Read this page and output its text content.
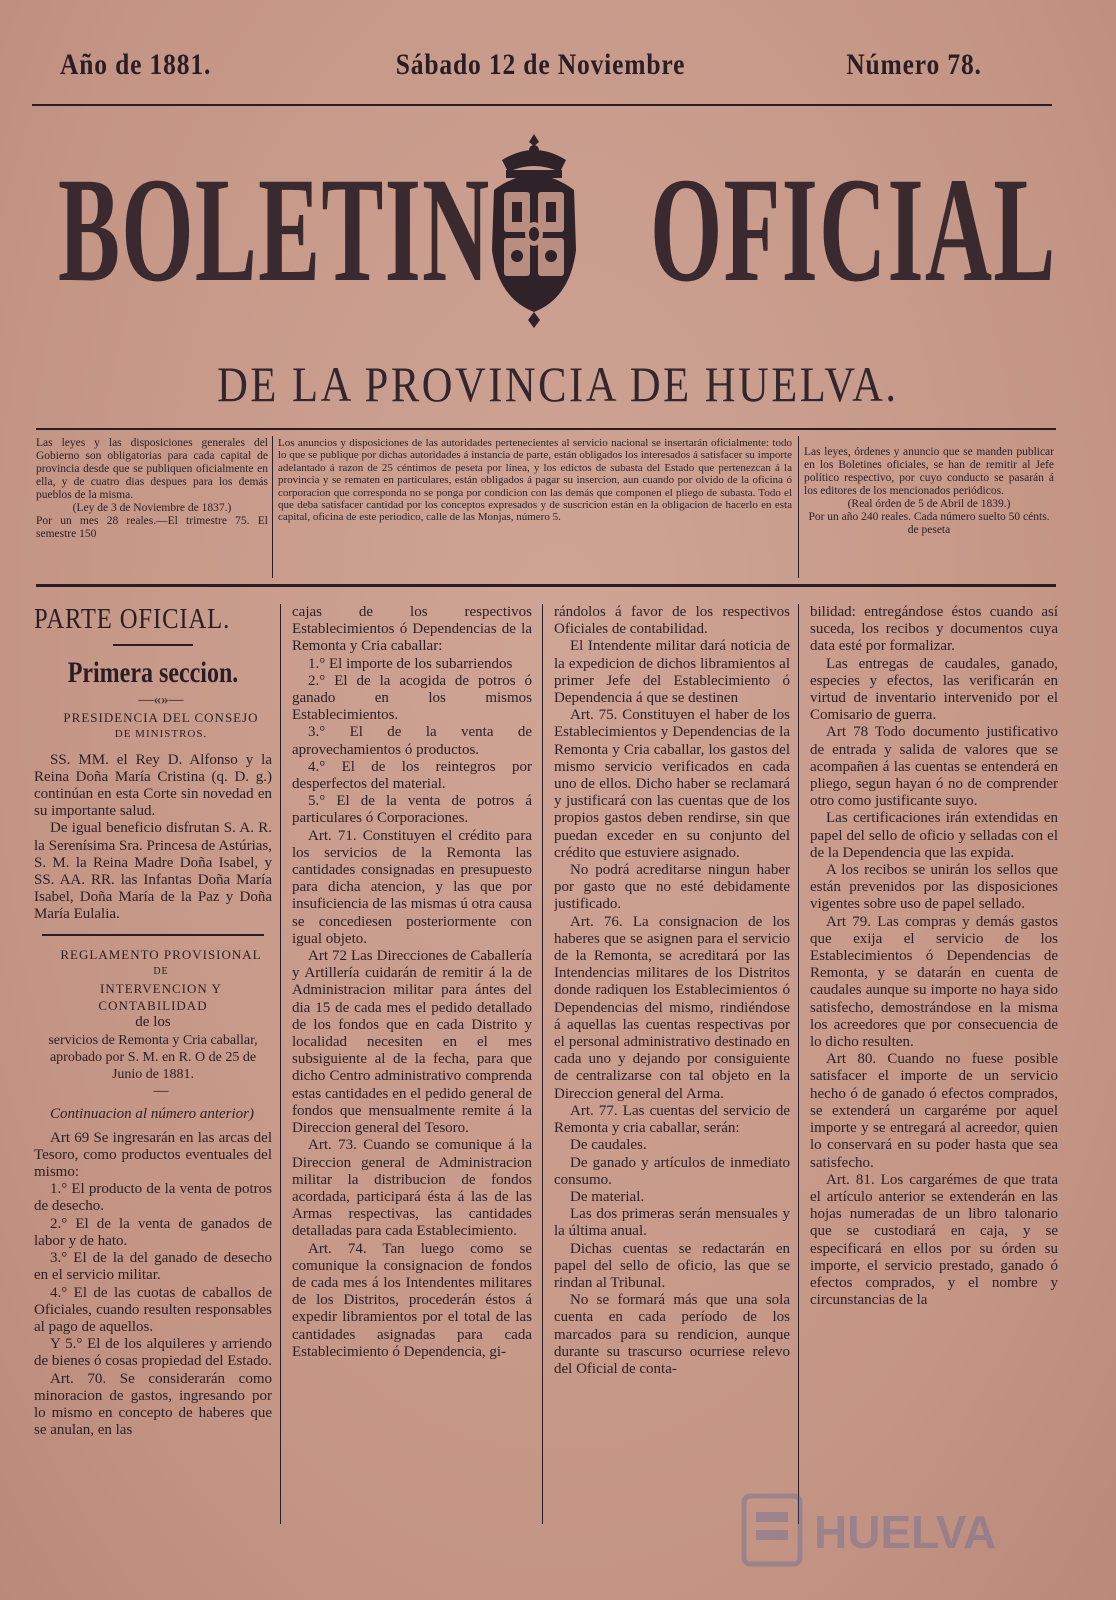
Año de 1881.	Sábado 12 de Noviembre	Número 78.
BOLETIN OFICIAL
DE LA PROVINCIA DE HUELVA.

Las leyes y las disposiciones generales del Gobierno son obligatorias para cada capital de provincia desde que se publiquen oficialmente en ella, y de cuatro dias despues para los demás pueblos de la misma.

(Ley de 3 de Noviembre de 1837.)

Por un mes 28 reales.—El trimestre 75. El semestre 150

Los anuncios y disposiciones de las autoridades pertenecientes al servicio nacional se insertarán oficialmente: todo lo que se publique por dichas autoridades á instancia de parte, están obligados los interesados á satisfacer su importe adelantado á razon de 25 céntimos de peseta por línea, y los edictos de subasta del Estado que pertenezcan á la provincia y se rematen en particulares, están obligados á pagar su insercion, aun cuando por olvido de la oficina ó corporacion que corresponda no se ponga por condicion con las demás que componen el pliego de subasta. Todo el que deba satisfacer cantidad por los conceptos expresados y de suscricion están en la obligacion de hacerlo en esta capital, oficina de este periodico, calle de las Monjas, número 5.

Las leyes, órdenes y anuncio que se manden publicar en los Boletines oficiales, se han de remitir al Jefe político respectivo, por cuyo conducto se pasarán á los editores de los mencionados periódicos.

(Real órden de 5 de Abril de 1839.)

Por un año 240 reales. Cada número suelto 50 cénts. de peseta

PARTE OFICIAL.
Primera seccion.

—«»—

PRESIDENCIA DEL CONSEJO

DE MINISTROS.

SS. MM. el Rey D. Alfonso y la Reina Doña María Cristina (q. D. g.) continúan en esta Corte sin novedad en su importante salud.

De igual beneficio disfrutan S. A. R. la Serenísima Sra. Princesa de Astúrias, S. M. la Reina Madre Doña Isabel, y SS. AA. RR. las Infantas Doña María Isabel, Doña María de la Paz y Doña María Eulalia.

REGLAMENTO PROVISIONAL

DE

INTERVENCION Y CONTABILIDAD

de los

servicios de Remonta y Cria caballar, aprobado por S. M. en R. O de 25 de Junio de 1881.

—

Continuacion al número anterior)

Art 69 Se ingresarán en las arcas del Tesoro, como productos eventuales del mismo:

1.° El producto de la venta de potros de desecho.

2.° El de la venta de ganados de labor y de hato.

3.° El de la del ganado de desecho en el servicio militar.

4.° El de las cuotas de caballos de Oficiales, cuando resulten responsables al pago de aquellos.

Y 5.° El de los alquileres y arriendo de bienes ó cosas propiedad del Estado.

Art. 70. Se considerarán como minoracion de gastos, ingresando por lo mismo en concepto de haberes que se anulan, en las

cajas de los respectivos Establecimientos ó Dependencias de la Remonta y Cria caballar:

1.° El importe de los subarriendos

2.° El de la acogida de potros ó ganado en los mismos Establecimientos.

3.° El de la venta de aprovechamientos ó productos.

4.° El de los reintegros por desperfectos del material.

5.° El de la venta de potros á particulares ó Corporaciones.

Art. 71. Constituyen el crédito para los servicios de la Remonta las cantidades consignadas en presupuesto para dicha atencion, y las que por insuficiencia de las mismas ú otra causa se concediesen posteriormente con igual objeto.

Art 72 Las Direcciones de Caballería y Artillería cuidarán de remitir á la de Administracion militar para ántes del dia 15 de cada mes el pedido detallado de los fondos que en cada Distrito y localidad necesiten en el mes subsiguiente al de la fecha, para que dicho Centro administrativo comprenda estas cantidades en el pedido general de fondos que mensualmente remite á la Direccion general del Tesoro.

Art. 73. Cuando se comunique á la Direccion general de Administracion militar la distribucion de fondos acordada, participará ésta á las de las Armas respectivas, las cantidades detalladas para cada Establecimiento.

Art. 74. Tan luego como se comunique la consignacion de fondos de cada mes á los Intendentes militares de los Distritos, procederán éstos á expedir libramientos por el total de las cantidades asignadas para cada Establecimiento ó Dependencia, gi-

rándolos á favor de los respectivos Oficiales de contabilidad.

El Intendente militar dará noticia de la expedicion de dichos libramientos al primer Jefe del Establecimiento ó Dependencia á que se destinen

Art. 75. Constituyen el haber de los Establecimientos y Dependencias de la Remonta y Cria caballar, los gastos del mismo servicio verificados en cada uno de ellos. Dicho haber se reclamará y justificará con las cuentas que de los propios gastos deben rendirse, sin que puedan exceder en su conjunto del crédito que estuviere asignado.

No podrá acreditarse ningun haber por gasto que no esté debidamente justificado.

Art. 76. La consignacion de los haberes que se asignen para el servicio de la Remonta, se acreditará por las Intendencias militares de los Distritos donde radiquen los Establecimientos ó Dependencias del mismo, rindiéndose á aquellas las cuentas respectivas por el personal administrativo destinado en cada uno y dejando por consiguiente de centralizarse con tal objeto en la Direccion general del Arma.

Art. 77. Las cuentas del servicio de Remonta y cria caballar, serán:

De caudales.

De ganado y artículos de inmediato consumo.

De material.

Las dos primeras serán mensuales y la última anual.

Dichas cuentas se redactarán en papel del sello de oficio, las que se rindan al Tribunal.

No se formará más que una sola cuenta en cada período de los marcados para su rendicion, aunque durante su trascurso ocurriese relevo del Oficial de conta-

bilidad: entregándose éstos cuando así suceda, los recibos y documentos cuya data esté por formalizar.

Las entregas de caudales, ganado, especies y efectos, las verificarán en virtud de inventario intervenido por el Comisario de guerra.

Art 78 Todo documento justificativo de entrada y salida de valores que se acompañen á las cuentas se entenderá en pliego, segun hayan ó no de comprender otro como justificante suyo.

Las certificaciones irán extendidas en papel del sello de oficio y selladas con el de la Dependencia que las expida.

A los recibos se unirán los sellos que están prevenidos por las disposiciones vigentes sobre uso de papel sellado.

Art 79. Las compras y demás gastos que exija el servicio de los Establecimientos ó Dependencias de Remonta, y se datarán en cuenta de caudales aunque su importe no haya sido satisfecho, demostrándose en la misma los acreedores que por consecuencia de lo dicho resulten.

Art 80. Cuando no fuese posible satisfacer el importe de un servicio hecho ó de ganado ó efectos comprados, se extenderá un cargaréme por aquel importe y se entregará al acreedor, quien lo conservará en su poder hasta que sea satisfecho.

Art. 81. Los cargarémes de que trata el artículo anterior se extenderán en las hojas numeradas de un libro talonario que se custodiará en caja, y se especificará en ellos por su órden su importe, el servicio prestado, ganado ó efectos comprados, y el nombre y circunstancias de la

HUELVA
